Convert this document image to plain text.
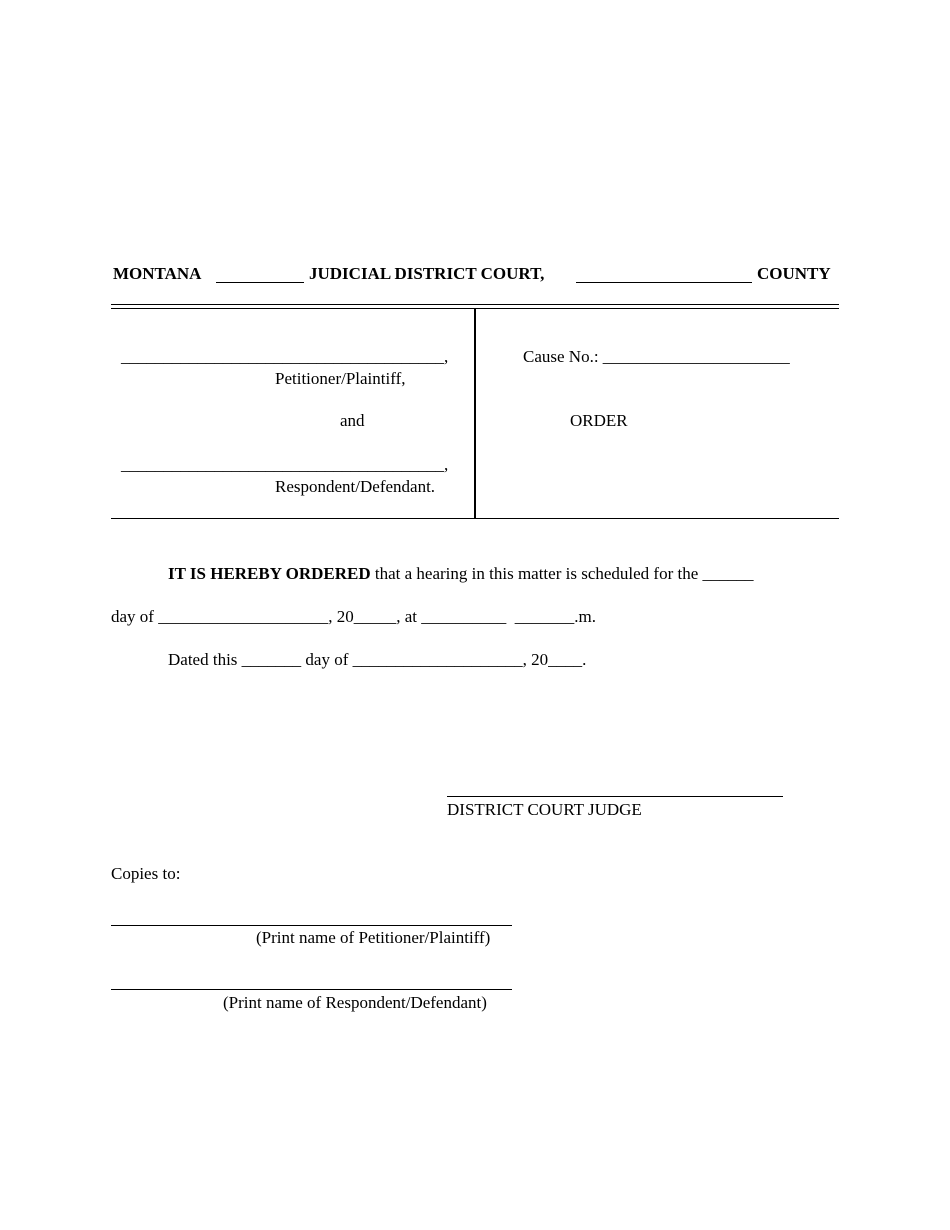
MONTANA	JUDICIAL DISTRICT COURT,	COUNTY
______________________________________,
Petitioner/Plaintiff,
and
______________________________________,
Respondent/Defendant.
Cause No.: ______________________
ORDER
IT IS HEREBY ORDERED that a hearing in this matter is scheduled for the ______
day of ____________________, 20_____, at __________  _______.m.
Dated this _______ day of ____________________, 20____.
DISTRICT COURT JUDGE
Copies to:
(Print name of Petitioner/Plaintiff)
(Print name of Respondent/Defendant)
